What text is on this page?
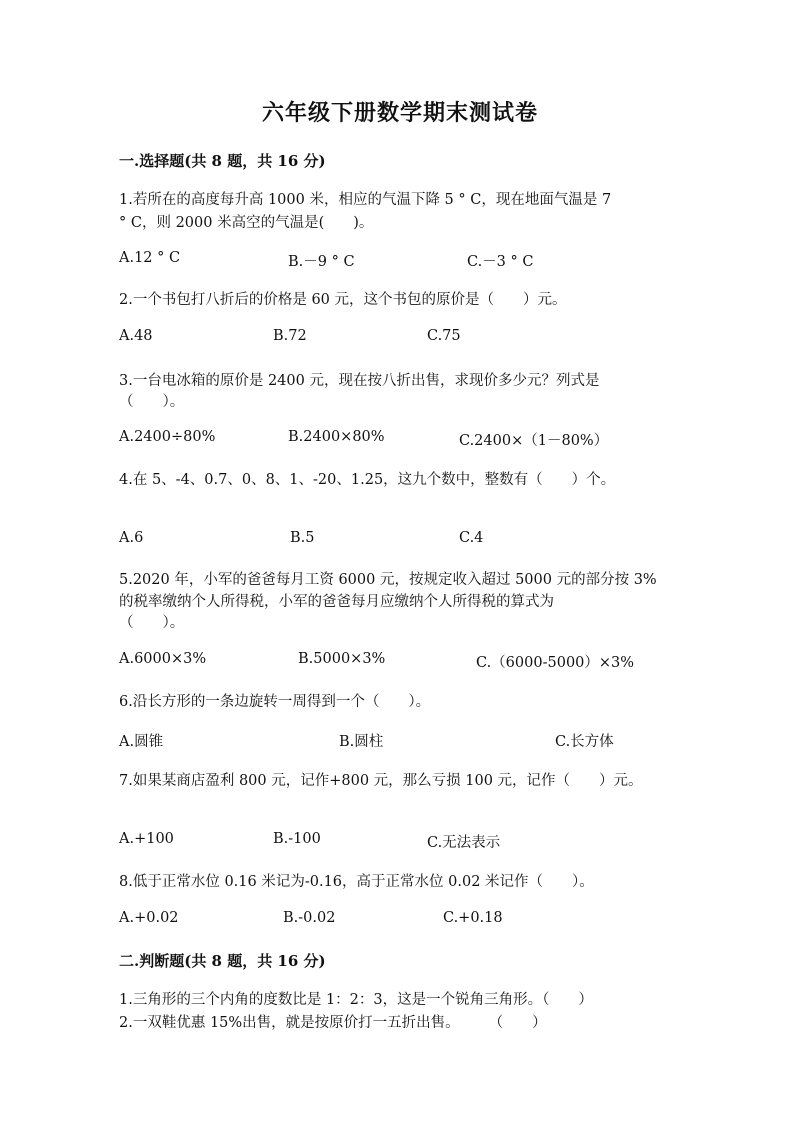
六年级下册数学期末测试卷
一.选择题(共 8 题，共 16 分)
1.若所在的高度每升高 1000 米，相应的气温下降 5 ° C，现在地面气温是 7
° C，则 2000 米高空的气温是(　　)。
A.12 ° C	B.－9 ° C	C.－3 ° C
2.一个书包打八折后的价格是 60 元，这个书包的原价是（　　）元。
A.48	B.72	C.75
3.一台电冰箱的原价是 2400 元，现在按八折出售，求现价多少元？列式是
（　　）。
A.2400÷80%	B.2400×80%	C.2400×（1－80%）
4.在 5、-4、0.7、0、8、1、-20、1.25，这九个数中，整数有（　　）个。
A.6	B.5	C.4
5.2020 年，小军的爸爸每月工资 6000 元，按规定收入超过 5000 元的部分按 3%
的税率缴纳个人所得税，小军的爸爸每月应缴纳个人所得税的算式为
（　　）。
A.6000×3%	B.5000×3%	C.（6000-5000）×3%
6.沿长方形的一条边旋转一周得到一个（　　）。
A.圆锥	B.圆柱	C.长方体
7.如果某商店盈利 800 元，记作+800 元，那么亏损 100 元，记作（　　）元。
A.+100	B.-100	C.无法表示
8.低于正常水位 0.16 米记为-0.16，高于正常水位 0.02 米记作（　　）。
A.+0.02	B.-0.02	C.+0.18
二.判断题(共 8 题，共 16 分)
1.三角形的三个内角的度数比是 1：2：3，这是一个锐角三角形。（　　）
2.一双鞋优惠 15%出售，就是按原价打一五折出售。　　　（　　）
